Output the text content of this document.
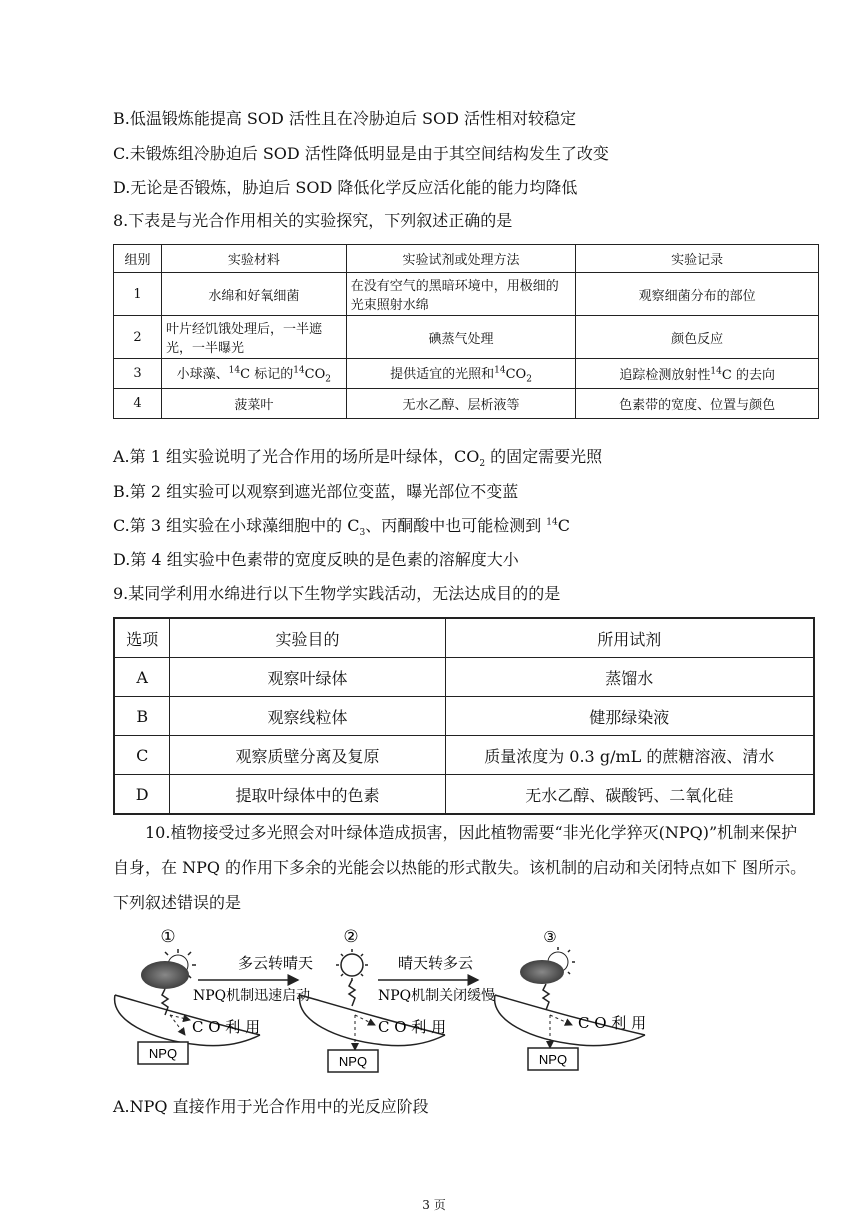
B.低温锻炼能提高 SOD 活性且在冷胁迫后 SOD 活性相对较稳定
C.未锻炼组冷胁迫后 SOD 活性降低明显是由于其空间结构发生了改变
D.无论是否锻炼，胁迫后 SOD 降低化学反应活化能的能力均降低
8.下表是与光合作用相关的实验探究，下列叙述正确的是
组别	实验材料	实验试剂或处理方法	实验记录
1	水绵和好氧细菌	在没有空气的黑暗环境中，用极细的光束照射水绵	观察细菌分布的部位
2	叶片经饥饿处理后，一半遮光，一半曝光	碘蒸气处理	颜色反应
3	小球藻、$^{14}$C 标记的$^{14}CO_2$	提供适宜的光照和$^{14}CO_2$	追踪检测放射性$^{14}$C 的去向
4	菠菜叶	无水乙醇、层析液等	色素带的宽度、位置与颜色
A.第 1 组实验说明了光合作用的场所是叶绿体，$CO_2$ 的固定需要光照
B.第 2 组实验可以观察到遮光部位变蓝，曝光部位不变蓝
C.第 3 组实验在小球藻细胞中的 $C_3$、丙酮酸中也可能检测到 $^{14}$C
D.第 4 组实验中色素带的宽度反映的是色素的溶解度大小
9.某同学利用水绵进行以下生物学实践活动，无法达成目的的是
选项	实验目的	所用试剂
A	观察叶绿体	蒸馏水
B	观察线粒体	健那绿染液
C	观察质壁分离及复原	质量浓度为 0.3 g/mL 的蔗糖溶液、清水
D	提取叶绿体中的色素	无水乙醇、碳酸钙、二氧化硅
10.植物接受过多光照会对叶绿体造成损害，因此植物需要“非光化学猝灭(NPQ)”机制来保护自身，在 NPQ 的作用下多余的光能会以热能的形式散失。该机制的启动和关闭特点如下 图所示。下列叙述错误的是
①
C O 利 用
NPQ
多云转晴天
NPQ机制迅速启动
②
C O 利 用
NPQ
晴天转多云
NPQ机制关闭缓慢
③
C O 利 用
NPQ
A.NPQ 直接作用于光合作用中的光反应阶段
3 页
